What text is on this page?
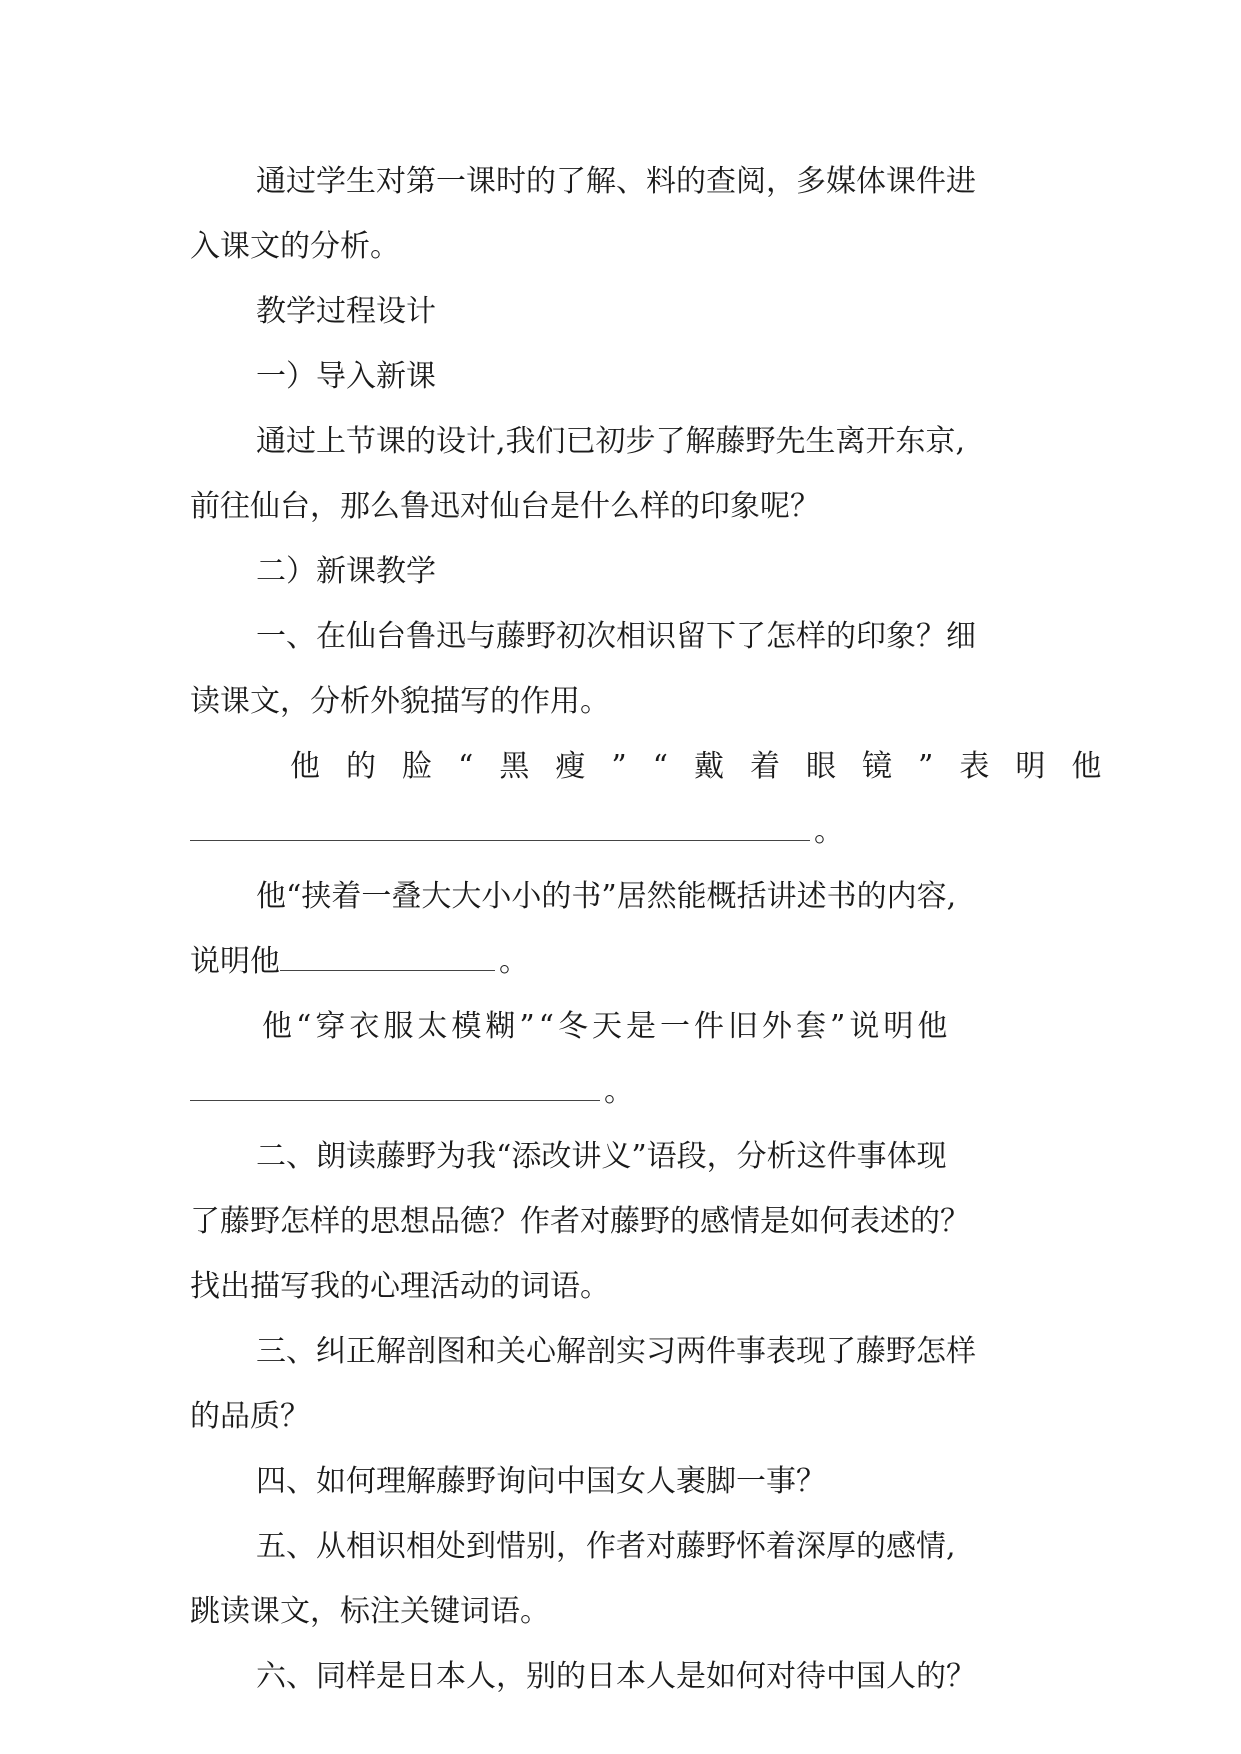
通过学生对第一课时的了解、料的查阅，多媒体课件进
入课文的分析。
教学过程设计
一）导入新课
通过上节课的设计,我们已初步了解藤野先生离开东京,
前往仙台，那么鲁迅对仙台是什么样的印象呢？
二）新课教学
一、在仙台鲁迅与藤野初次相识留下了怎样的印象？细
读课文，分析外貌描写的作用。
他的脸“黑瘦”“戴着眼镜”表明他
。
他“挟着一叠大大小小的书”居然能概括讲述书的内容,
说明他	。
他“穿衣服太模糊”“冬天是一件旧外套”说明他
。
二、朗读藤野为我“添改讲义”语段，分析这件事体现
了藤野怎样的思想品德？作者对藤野的感情是如何表述的？
找出描写我的心理活动的词语。
三、纠正解剖图和关心解剖实习两件事表现了藤野怎样
的品质？
四、如何理解藤野询问中国女人裹脚一事？
五、从相识相处到惜别，作者对藤野怀着深厚的感情,
跳读课文，标注关键词语。
六、同样是日本人，别的日本人是如何对待中国人的？
